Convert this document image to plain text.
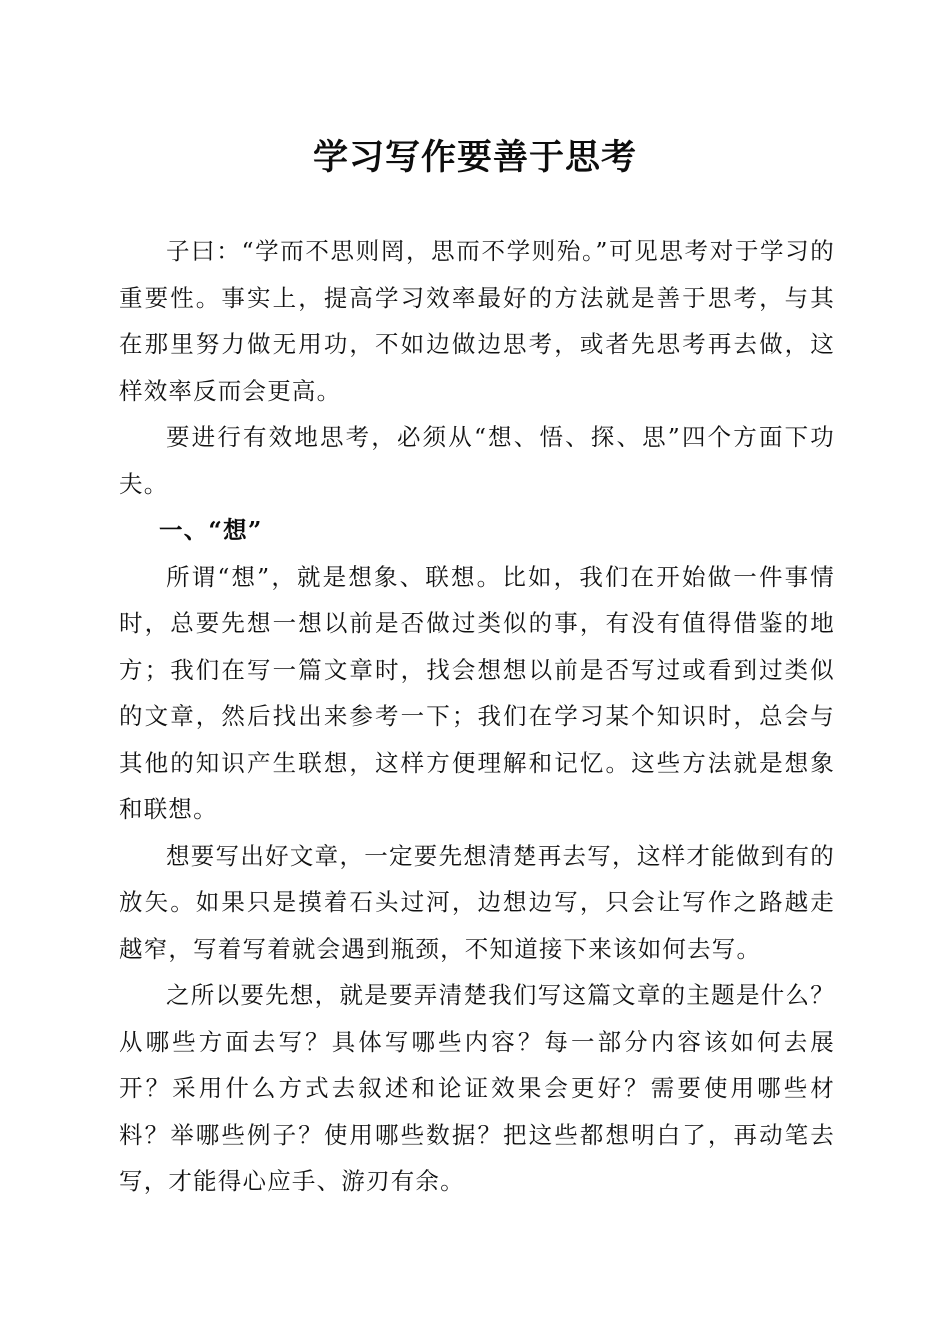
学习写作要善于思考

子曰：“学而不思则罔，思而不学则殆。”可见思考对于学习的重要性。事实上，提高学习效率最好的方法就是善于思考，与其在那里努力做无用功，不如边做边思考，或者先思考再去做，这样效率反而会更高。

要进行有效地思考，必须从“想、悟、探、思”四个方面下功夫。

一、“想”

所谓“想”，就是想象、联想。比如，我们在开始做一件事情时，总要先想一想以前是否做过类似的事，有没有值得借鉴的地方；我们在写一篇文章时，找会想想以前是否写过或看到过类似的文章，然后找出来参考一下；我们在学习某个知识时，总会与其他的知识产生联想，这样方便理解和记忆。这些方法就是想象和联想。

想要写出好文章，一定要先想清楚再去写，这样才能做到有的放矢。如果只是摸着石头过河，边想边写，只会让写作之路越走越窄，写着写着就会遇到瓶颈，不知道接下来该如何去写。

之所以要先想，就是要弄清楚我们写这篇文章的主题是什么？从哪些方面去写？具体写哪些内容？每一部分内容该如何去展开？采用什么方式去叙述和论证效果会更好？需要使用哪些材料？举哪些例子？使用哪些数据？把这些都想明白了，再动笔去写，才能得心应手、游刃有余。
